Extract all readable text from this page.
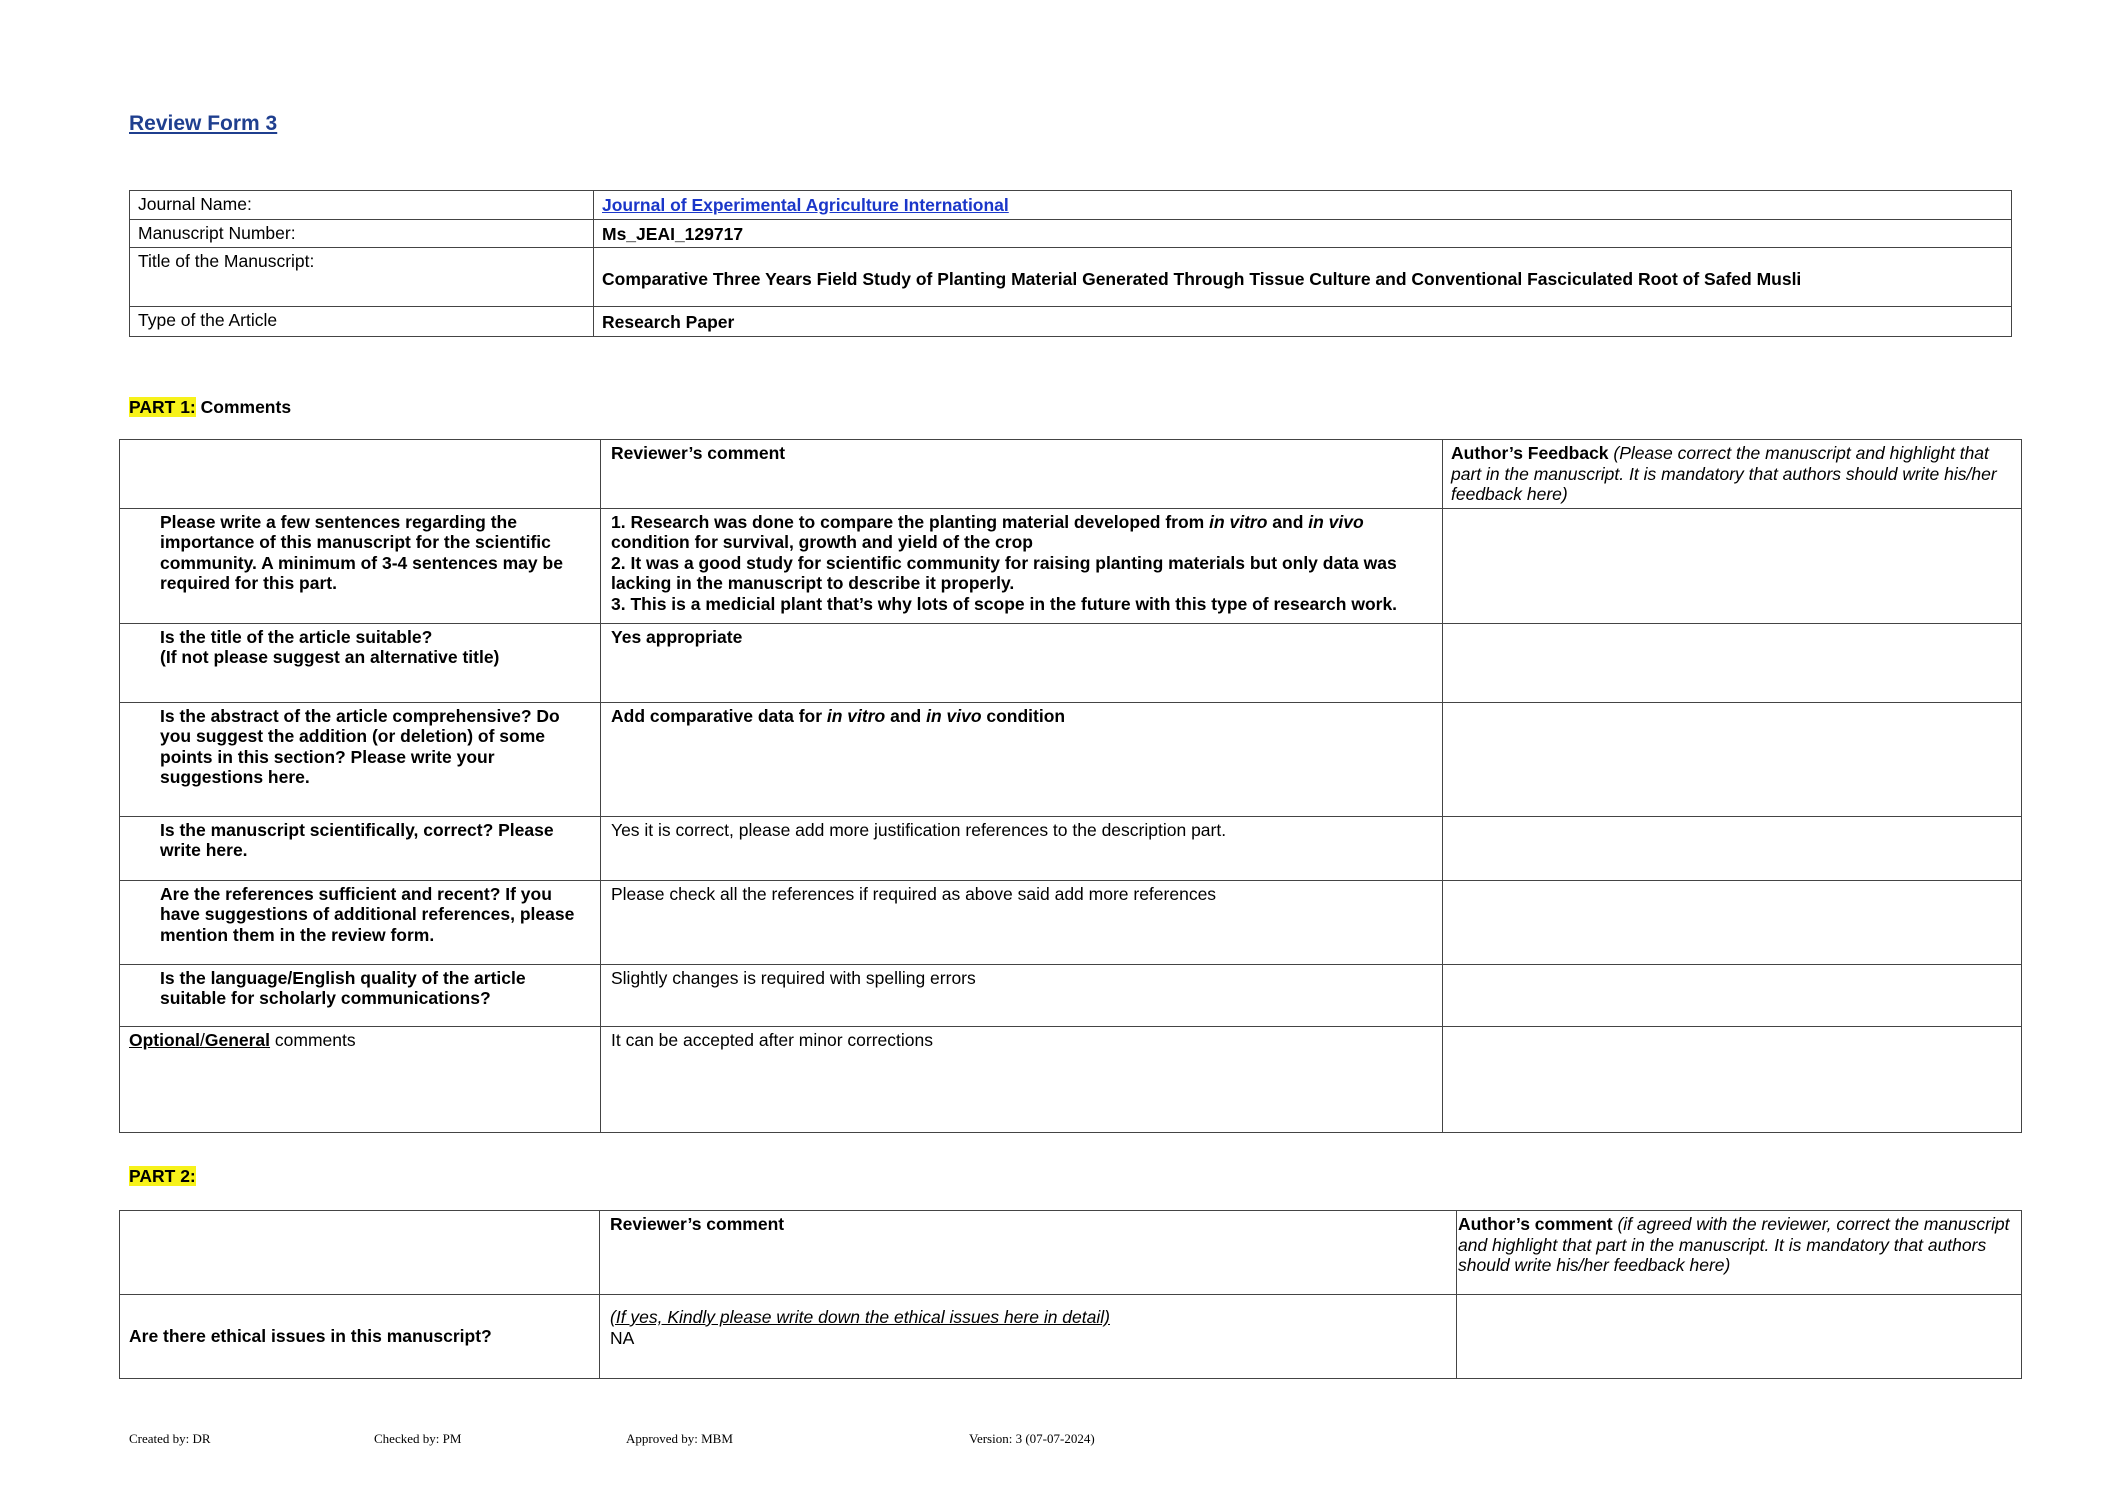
Review Form 3
Journal Name:	Journal of Experimental Agriculture International
Manuscript Number:	Ms_JEAI_129717
Title of the Manuscript:	Comparative Three Years Field Study of Planting Material Generated Through Tissue Culture and Conventional Fasciculated Root of Safed Musli
Type of the Article	Research Paper
PART 1: Comments
	Reviewer’s comment	Author’s Feedback (Please correct the manuscript and highlight that part in the manuscript. It is mandatory that authors should write his/her feedback here)
Please write a few sentences regarding the importance of this manuscript for the scientific community. A minimum of 3-4 sentences may be required for this part.	1. Research was done to compare the planting material developed from in vitro and in vivo condition for survival, growth and yield of the crop
2. It was a good study for scientific community for raising planting materials but only data was lacking in the manuscript to describe it properly.
3. This is a medicial plant that’s why lots of scope in the future with this type of research work.	

Is the title of the article suitable?
(If not please suggest an alternative title)	Yes appropriate	
Is the abstract of the article comprehensive? Do you suggest the addition (or deletion) of some points in this section? Please write your suggestions here.	Add comparative data for in vitro and in vivo condition	
Is the manuscript scientifically, correct? Please write here.	Yes it is correct, please add more justification references to the description part.	
Are the references sufficient and recent? If you have suggestions of additional references, please mention them in the review form.	Please check all the references if required as above said add more references	
Is the language/English quality of the article suitable for scholarly communications?	Slightly changes is required with spelling errors	
Optional/General comments	It can be accepted after minor corrections	
PART 2:
	Reviewer’s comment	Author’s comment (if agreed with the reviewer, correct the manuscript and highlight that part in the manuscript. It is mandatory that authors should write his/her feedback here)
Are there ethical issues in this manuscript?	(If yes, Kindly please write down the ethical issues here in detail)
NA	

Created by: DR	Checked by: PM	Approved by: MBM	Version: 3 (07-07-2024)
